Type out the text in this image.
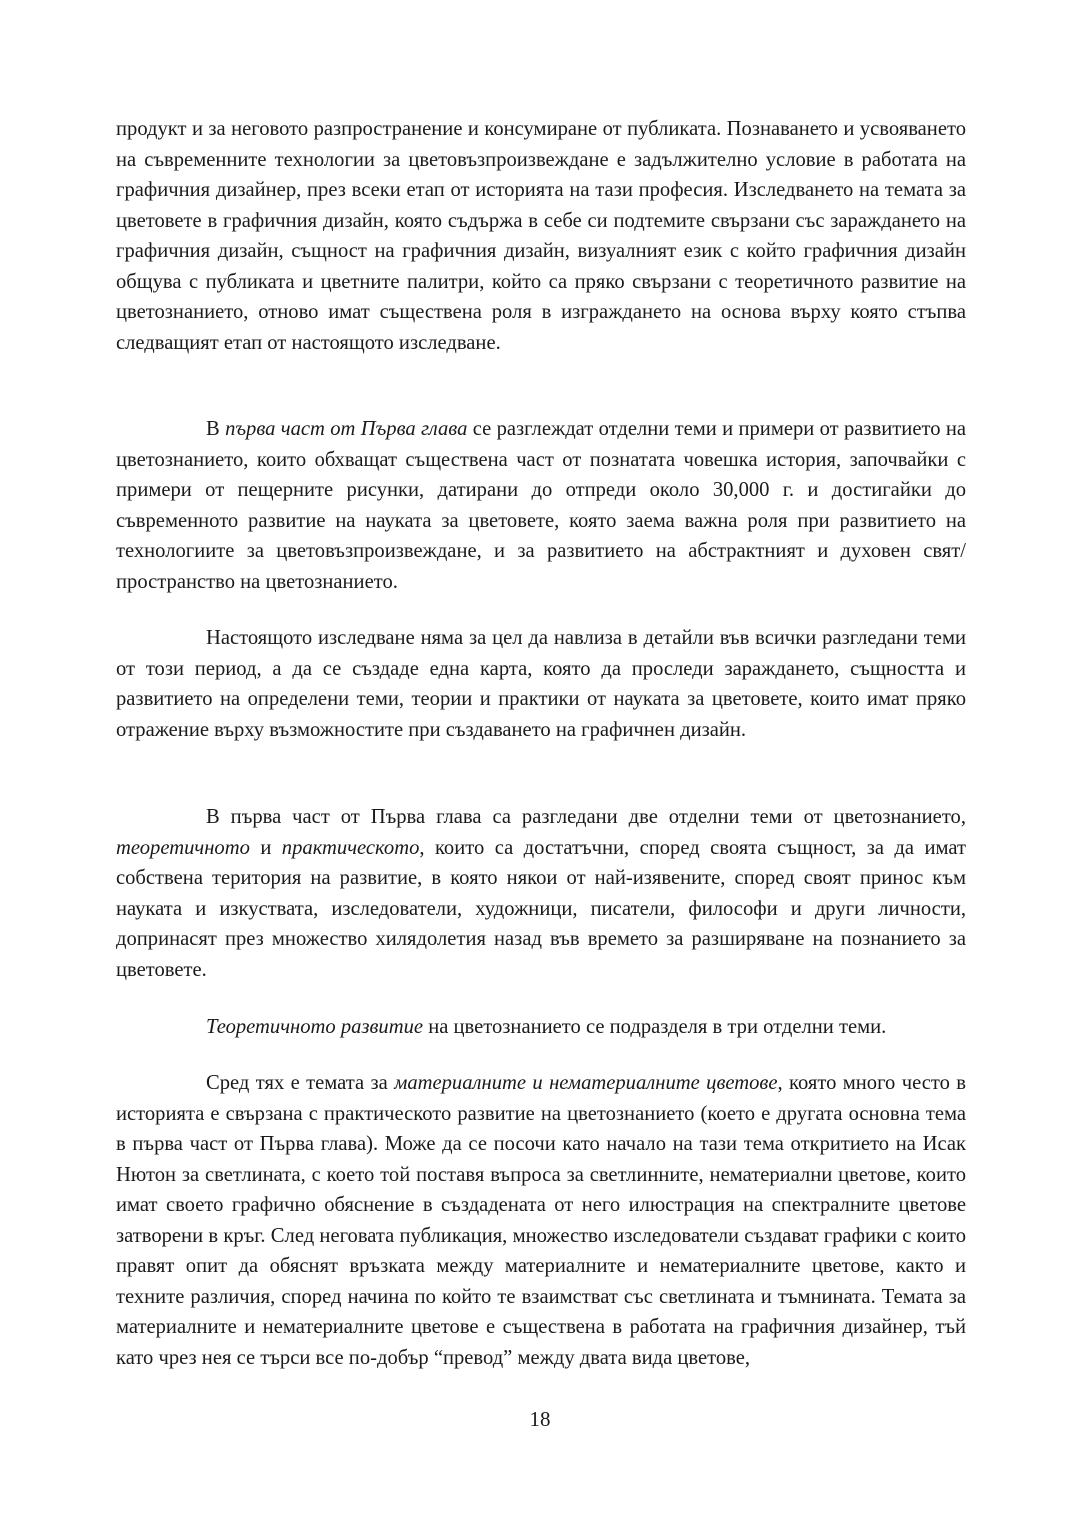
продукт и за неговото разпространение и консумиране от публиката. Познаването и усвояването на съвременните технологии за цветовъзпроизвеждане е задължително условие в работата на графичния дизайнер, през всеки етап от историята на тази професия. Изследването на темата за цветовете в графичния дизайн, която съдържа в себе си подтемите свързани със зараждането на графичния дизайн, същност на графичния дизайн, визуалният език с който графичния дизайн общува с публиката и цветните палитри, който са пряко свързани с теоретичното развитие на цветознанието, отново имат съществена роля в изграждането на основа върху която стъпва следващият етап от настоящото изследване.

В първа част от Първа глава се разглеждат отделни теми и примери от развитието на цветознанието, които обхващат съществена част от познатата човешка история, започвайки с примери от пещерните рисунки, датирани до отпреди около 30,000 г. и достигайки до съвременното развитие на науката за цветовете, която заема важна роля при развитието на технологиите за цветовъзпроизвеждане, и за развитието на абстрактният и духовен свят/пространство на цветознанието.

Настоящото изследване няма за цел да навлиза в детайли във всички разгледани теми от този период, а да се създаде една карта, която да проследи зараждането, същността и развитието на определени теми, теории и практики от науката за цветовете, които имат пряко отражение върху възможностите при създаването на графичнен дизайн.

В първа част от Първа глава са разгледани две отделни теми от цветознанието, теоретичното и практическото, които са достатъчни, според своята същност, за да имат собствена територия на развитие, в която някои от най-изявените, според своят принос към науката и изкуствата, изследователи, художници, писатели, философи и други личности, допринасят през множество хилядолетия назад във времето за разширяване на познанието за цветовете.

Теоретичното развитие на цветознанието се подразделя в три отделни теми.

Сред тях е темата за материалните и нематериалните цветове, която много често в историята е свързана с практическото развитие на цветознанието (което е другата основна тема в първа част от Първа глава). Може да се посочи като начало на тази тема откритието на Исак Нютон за светлината, с което той поставя въпроса за светлинните, нематериални цветове, които имат своето графично обяснение в създадената от него илюстрация на спектралните цветове затворени в кръг. След неговата публикация, множество изследователи създават графики с които правят опит да обяснят връзката между материалните и нематериалните цветове, както и техните различия, според начина по който те взаимстват със светлината и тъмнината. Темата за материалните и нематериалните цветове е съществена в работата на графичния дизайнер, тъй като чрез нея се търси все по-добър “превод” между двата вида цветове,

18
